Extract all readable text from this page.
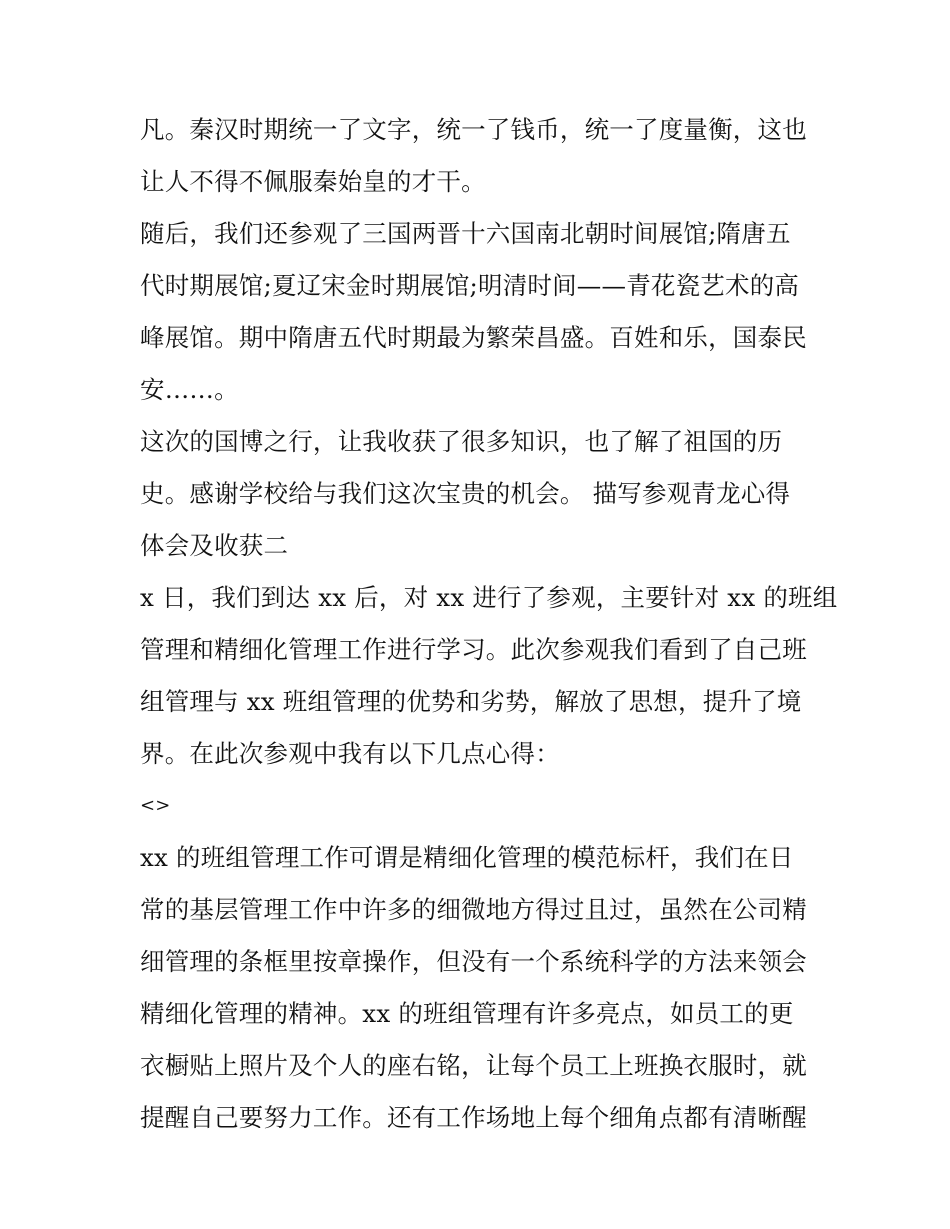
凡。秦汉时期统一了文字，统一了钱币，统一了度量衡，这也
让人不得不佩服秦始皇的才干。
随后，我们还参观了三国两晋十六国南北朝时间展馆;隋唐五
代时期展馆;夏辽宋金时期展馆;明清时间——青花瓷艺术的高
峰展馆。期中隋唐五代时期最为繁荣昌盛。百姓和乐，国泰民
安……。
这次的国博之行，让我收获了很多知识，也了解了祖国的历
史。感谢学校给与我们这次宝贵的机会。 描写参观青龙心得
体会及收获二
x 日，我们到达 xx 后，对 xx 进行了参观，主要针对 xx 的班组
管理和精细化管理工作进行学习。此次参观我们看到了自己班
组管理与 xx 班组管理的优势和劣势，解放了思想，提升了境
界。在此次参观中我有以下几点心得：
<>
xx 的班组管理工作可谓是精细化管理的模范标杆，我们在日
常的基层管理工作中许多的细微地方得过且过，虽然在公司精
细管理的条框里按章操作，但没有一个系统科学的方法来领会
精细化管理的精神。xx 的班组管理有许多亮点，如员工的更
衣橱贴上照片及个人的座右铭，让每个员工上班换衣服时，就
提醒自己要努力工作。还有工作场地上每个细角点都有清晰醒
